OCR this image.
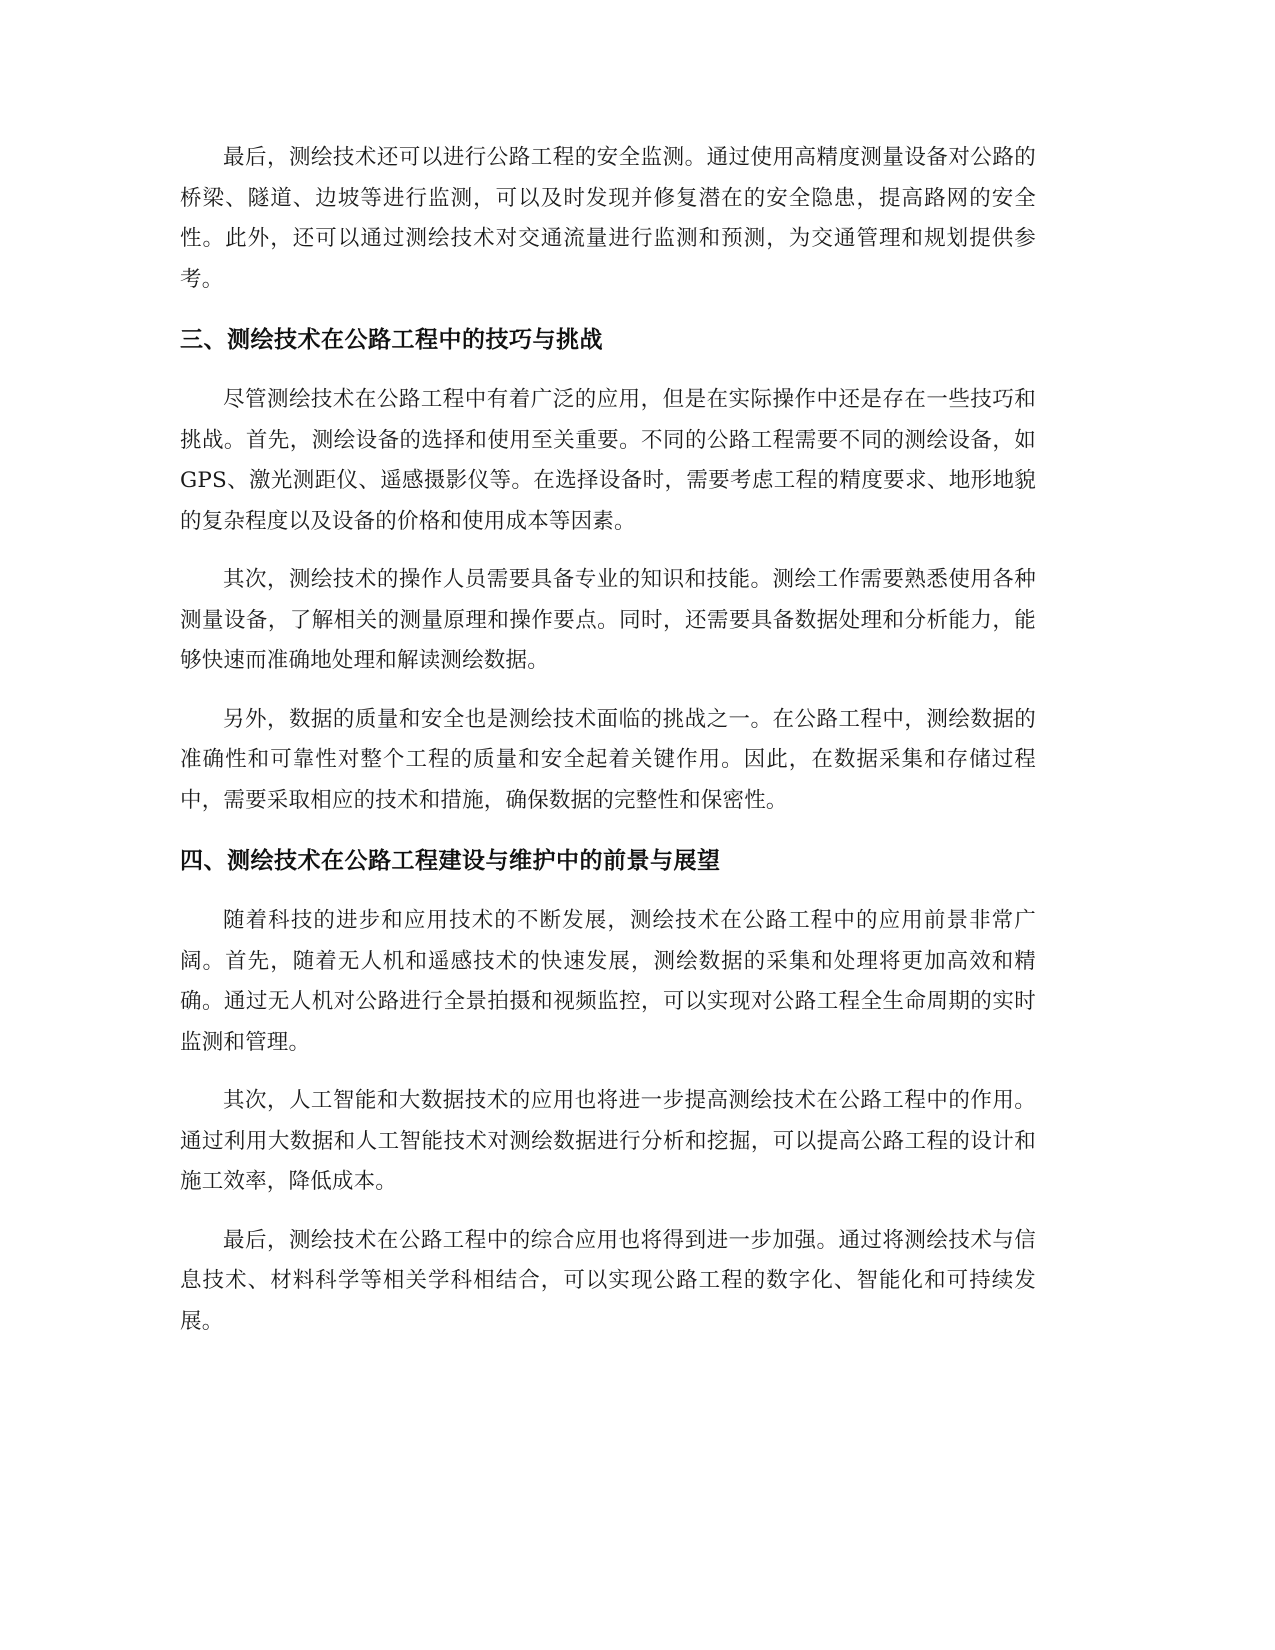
最后，测绘技术还可以进行公路工程的安全监测。通过使用高精度测量设备对公路的桥梁、隧道、边坡等进行监测，可以及时发现并修复潜在的安全隐患，提高路网的安全性。此外，还可以通过测绘技术对交通流量进行监测和预测，为交通管理和规划提供参考。

三、测绘技术在公路工程中的技巧与挑战

尽管测绘技术在公路工程中有着广泛的应用，但是在实际操作中还是存在一些技巧和挑战。首先，测绘设备的选择和使用至关重要。不同的公路工程需要不同的测绘设备，如 GPS、激光测距仪、遥感摄影仪等。在选择设备时，需要考虑工程的精度要求、地形地貌的复杂程度以及设备的价格和使用成本等因素。

其次，测绘技术的操作人员需要具备专业的知识和技能。测绘工作需要熟悉使用各种测量设备，了解相关的测量原理和操作要点。同时，还需要具备数据处理和分析能力，能够快速而准确地处理和解读测绘数据。

另外，数据的质量和安全也是测绘技术面临的挑战之一。在公路工程中，测绘数据的准确性和可靠性对整个工程的质量和安全起着关键作用。因此，在数据采集和存储过程中，需要采取相应的技术和措施，确保数据的完整性和保密性。

四、测绘技术在公路工程建设与维护中的前景与展望

随着科技的进步和应用技术的不断发展，测绘技术在公路工程中的应用前景非常广阔。首先，随着无人机和遥感技术的快速发展，测绘数据的采集和处理将更加高效和精确。通过无人机对公路进行全景拍摄和视频监控，可以实现对公路工程全生命周期的实时监测和管理。

其次，人工智能和大数据技术的应用也将进一步提高测绘技术在公路工程中的作用。通过利用大数据和人工智能技术对测绘数据进行分析和挖掘，可以提高公路工程的设计和施工效率，降低成本。

最后，测绘技术在公路工程中的综合应用也将得到进一步加强。通过将测绘技术与信息技术、材料科学等相关学科相结合，可以实现公路工程的数字化、智能化和可持续发展。
